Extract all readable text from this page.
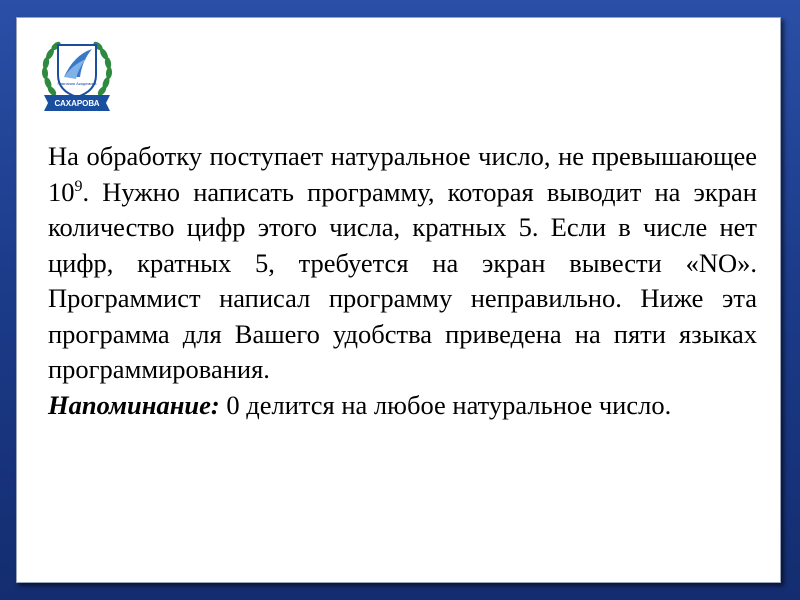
Гимназия Академика
САХАРОВА

На обработку поступает натуральное число, не превышающее $10^9$. Нужно написать программу, которая выводит на экран количество цифр этого числа, кратных 5. Если в числе нет цифр, кратных 5, требуется на экран вывести «NO». Программист написал программу неправильно. Ниже эта программа для Вашего удобства приведена на пяти языках программирования.

Напоминание: 0 делится на любое натуральное число.
